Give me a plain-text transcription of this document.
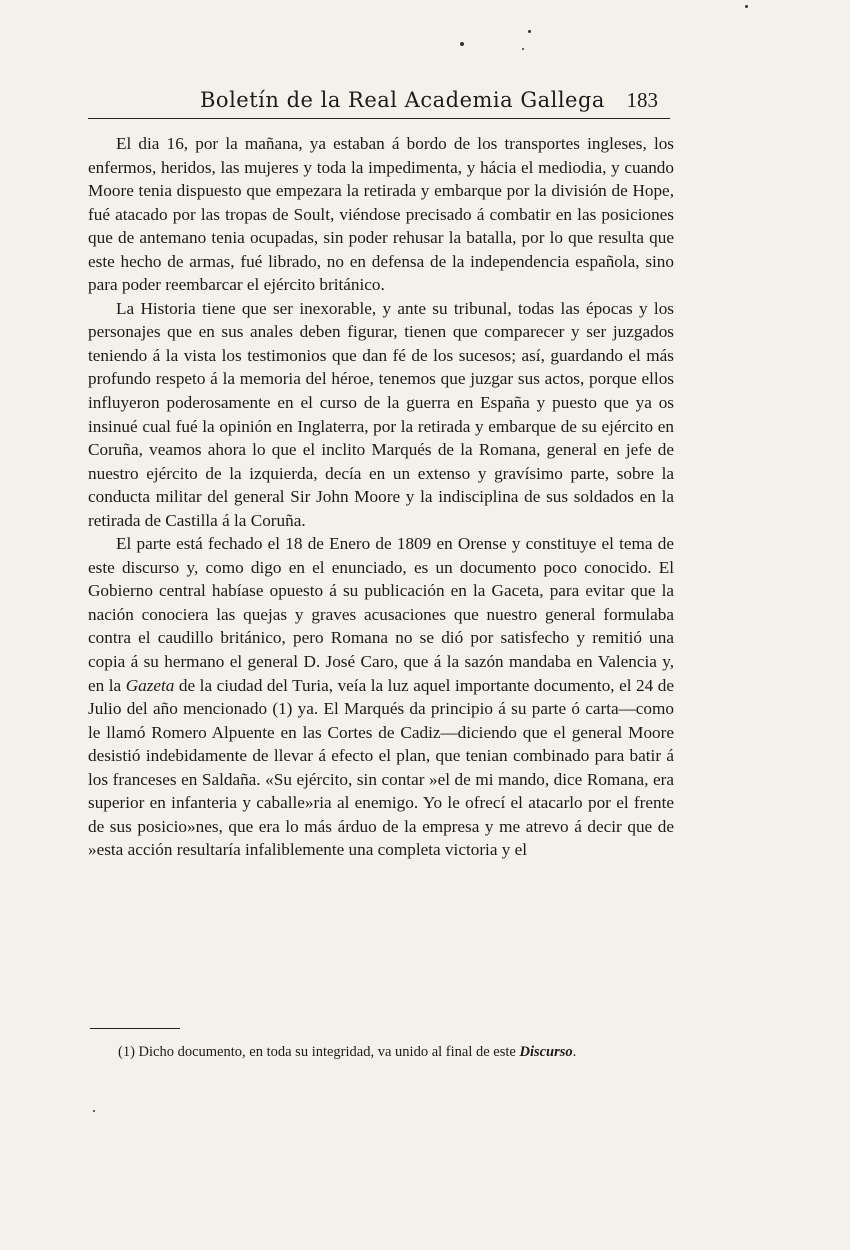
Boletín de la Real Academia Gallega 183

El dia 16, por la mañana, ya estaban á bordo de los transportes ingleses, los enfermos, heridos, las mujeres y toda la impedimenta, y hácia el mediodia, y cuando Moore tenia dispuesto que empezara la retirada y embarque por la división de Hope, fué atacado por las tropas de Soult, viéndose precisado á combatir en las posiciones que de antemano tenia ocupadas, sin poder rehusar la batalla, por lo que resulta que este hecho de armas, fué librado, no en defensa de la independencia española, sino para poder reembarcar el ejército británico.

La Historia tiene que ser inexorable, y ante su tribunal, todas las épocas y los personajes que en sus anales deben figurar, tienen que comparecer y ser juzgados teniendo á la vista los testimonios que dan fé de los sucesos; así, guardando el más profundo respeto á la memoria del héroe, tenemos que juzgar sus actos, porque ellos influyeron poderosamente en el curso de la guerra en España y puesto que ya os insinué cual fué la opinión en Inglaterra, por la retirada y embarque de su ejército en Coruña, veamos ahora lo que el inclito Marqués de la Romana, general en jefe de nuestro ejército de la izquierda, decía en un extenso y gravísimo parte, sobre la conducta militar del general Sir John Moore y la indisciplina de sus soldados en la retirada de Castilla á la Coruña.

El parte está fechado el 18 de Enero de 1809 en Orense y constituye el tema de este discurso y, como digo en el enunciado, es un documento poco conocido. El Gobierno central habíase opuesto á su publicación en la Gaceta, para evitar que la nación conociera las quejas y graves acusaciones que nuestro general formulaba contra el caudillo británico, pero Romana no se dió por satisfecho y remitió una copia á su hermano el general D. José Caro, que á la sazón mandaba en Valencia y, en la Gazeta de la ciudad del Turia, veía la luz aquel importante documento, el 24 de Julio del año mencionado (1) ya. El Marqués da principio á su parte ó carta—como le llamó Romero Alpuente en las Cortes de Cadiz—diciendo que el general Moore desistió indebidamente de llevar á efecto el plan, que tenian combinado para batir á los franceses en Saldaña. «Su ejército, sin contar »el de mi mando, dice Romana, era superior en infanteria y caballe»ria al enemigo. Yo le ofrecí el atacarlo por el frente de sus posicio»nes, que era lo más árduo de la empresa y me atrevo á decir que de »esta acción resultaría infaliblemente una completa victoria y el

(1) Dicho documento, en toda su integridad, va unido al final de este Discurso.
